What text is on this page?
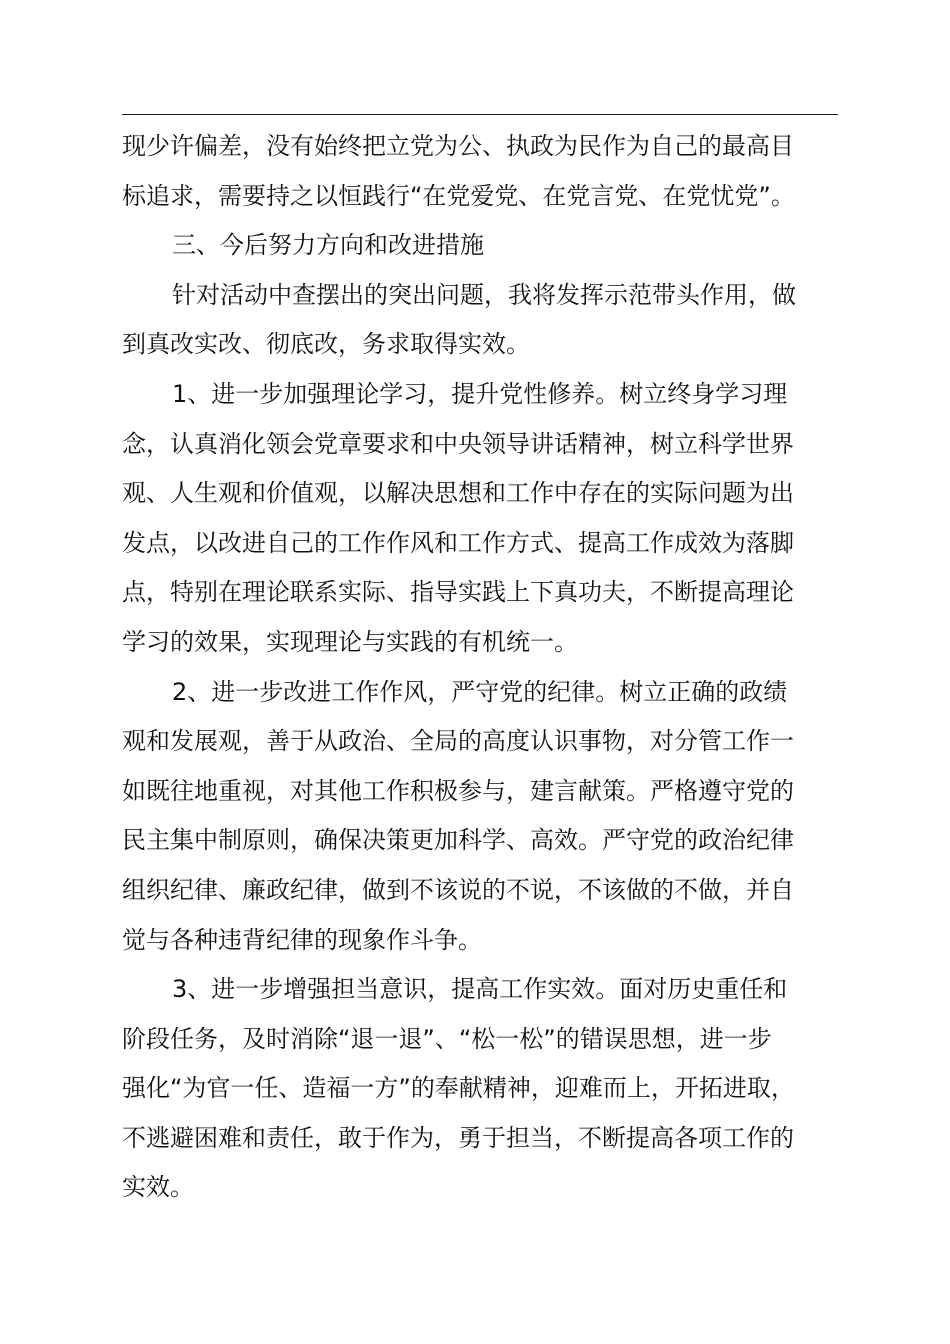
现少许偏差，没有始终把立党为公、执政为民作为自己的最高目
标追求，需要持之以恒践行“在党爱党、在党言党、在党忧党”。
三、今后努力方向和改进措施
针对活动中查摆出的突出问题，我将发挥示范带头作用，做
到真改实改、彻底改，务求取得实效。
1、进一步加强理论学习，提升党性修养。树立终身学习理
念，认真消化领会党章要求和中央领导讲话精神，树立科学世界
观、人生观和价值观，以解决思想和工作中存在的实际问题为出
发点，以改进自己的工作作风和工作方式、提高工作成效为落脚
点，特别在理论联系实际、指导实践上下真功夫，不断提高理论
学习的效果，实现理论与实践的有机统一。
2、进一步改进工作作风，严守党的纪律。树立正确的政绩
观和发展观，善于从政治、全局的高度认识事物，对分管工作一
如既往地重视，对其他工作积极参与，建言献策。严格遵守党的
民主集中制原则，确保决策更加科学、高效。严守党的政治纪律
组织纪律、廉政纪律，做到不该说的不说，不该做的不做，并自
觉与各种违背纪律的现象作斗争。
3、进一步增强担当意识，提高工作实效。面对历史重任和
阶段任务，及时消除“退一退”、“松一松”的错误思想，进一步
强化“为官一任、造福一方”的奉献精神，迎难而上，开拓进取，
不逃避困难和责任，敢于作为，勇于担当，不断提高各项工作的
实效。
